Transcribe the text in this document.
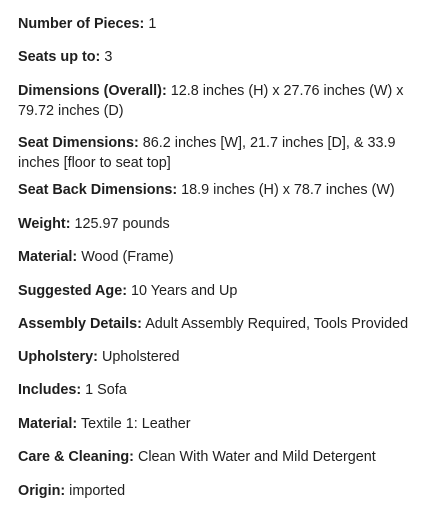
Number of Pieces: 1

Seats up to: 3

Dimensions (Overall): 12.8 inches (H) x 27.76 inches (W) x 79.72 inches (D)

Seat Dimensions: 86.2 inches [W], 21.7 inches [D], & 33.9 inches [floor to seat top]

Seat Back Dimensions: 18.9 inches (H) x 78.7 inches (W)

Weight: 125.97 pounds

Material: Wood (Frame)

Suggested Age: 10 Years and Up

Assembly Details: Adult Assembly Required, Tools Provided

Upholstery: Upholstered

Includes: 1 Sofa

Material: Textile 1: Leather

Care & Cleaning: Clean With Water and Mild Detergent

Origin: imported
